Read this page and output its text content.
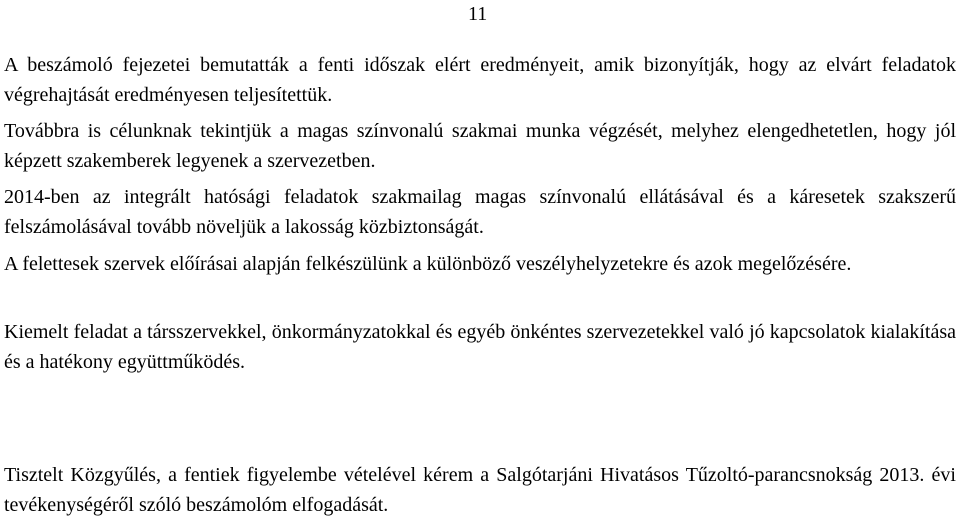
11

A beszámoló fejezetei bemutatták a fenti időszak elért eredményeit, amik bizonyítják, hogy az elvárt feladatok végrehajtását eredményesen teljesítettük.

Továbbra is célunknak tekintjük a magas színvonalú szakmai munka végzését, melyhez elengedhetetlen, hogy jól képzett szakemberek legyenek a szervezetben.

2014-ben az integrált hatósági feladatok szakmailag magas színvonalú ellátásával és a káresetek szakszerű felszámolásával tovább növeljük a lakosság közbiztonságát.

A felettesek szervek előírásai alapján felkészülünk a különböző veszélyhelyzetekre és azok megelőzésére.

Kiemelt feladat a társszervekkel, önkormányzatokkal és egyéb önkéntes szervezetekkel való jó kapcsolatok kialakítása és a hatékony együttműködés.

Tisztelt Közgyűlés, a fentiek figyelembe vételével kérem a Salgótarjáni Hivatásos Tűzoltó-parancsnokság 2013. évi tevékenységéről szóló beszámolóm elfogadását.
